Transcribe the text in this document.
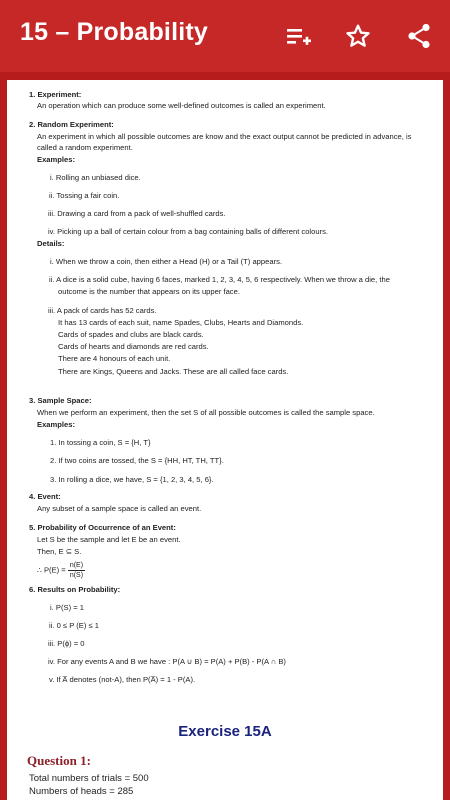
15 – Probability
1. Experiment:
An operation which can produce some well-defined outcomes is called an experiment.
2. Random Experiment:
An experiment in which all possible outcomes are know and the exact output cannot be predicted in advance, is
called a random experiment.
Examples:
i. Rolling an unbiased dice.
ii. Tossing a fair coin.
iii. Drawing a card from a pack of well-shuffled cards.
iv. Picking up a ball of certain colour from a bag containing balls of different colours.
Details:
i. When we throw a coin, then either a Head (H) or a Tail (T) appears.
ii. A dice is a solid cube, having 6 faces, marked 1, 2, 3, 4, 5, 6 respectively. When we throw a die, the
outcome is the number that appears on its upper face.
iii. A pack of cards has 52 cards.
It has 13 cards of each suit, name Spades, Clubs, Hearts and Diamonds.
Cards of spades and clubs are black cards.
Cards of hearts and diamonds are red cards.
There are 4 honours of each unit.
There are Kings, Queens and Jacks. These are all called face cards.
3. Sample Space:
When we perform an experiment, then the set S of all possible outcomes is called the sample space.
Examples:
1. In tossing a coin, S = {H, T}
2. If two coins are tossed, the S = {HH, HT, TH, TT}.
3. In rolling a dice, we have, S = {1, 2, 3, 4, 5, 6}.
4. Event:
Any subset of a sample space is called an event.
5. Probability of Occurrence of an Event:
Let S be the sample and let E be an event.
Then, E ⊆ S.
∴ $P(E) = \frac{n(E)}{n(S)}$
6. Results on Probability:
i. P(S) = 1
ii. 0 ≤ P (E) ≤ 1
iii. P(ϕ) = 0
iv. For any events A and B we have : P(A ∪ B) = P(A) + P(B) - P(A ∩ B)
v. If A̅ denotes (not-A), then P(A̅) = 1 - P(A).
Exercise 15A
Question 1:
Total numbers of trials = 500
Numbers of heads = 285
